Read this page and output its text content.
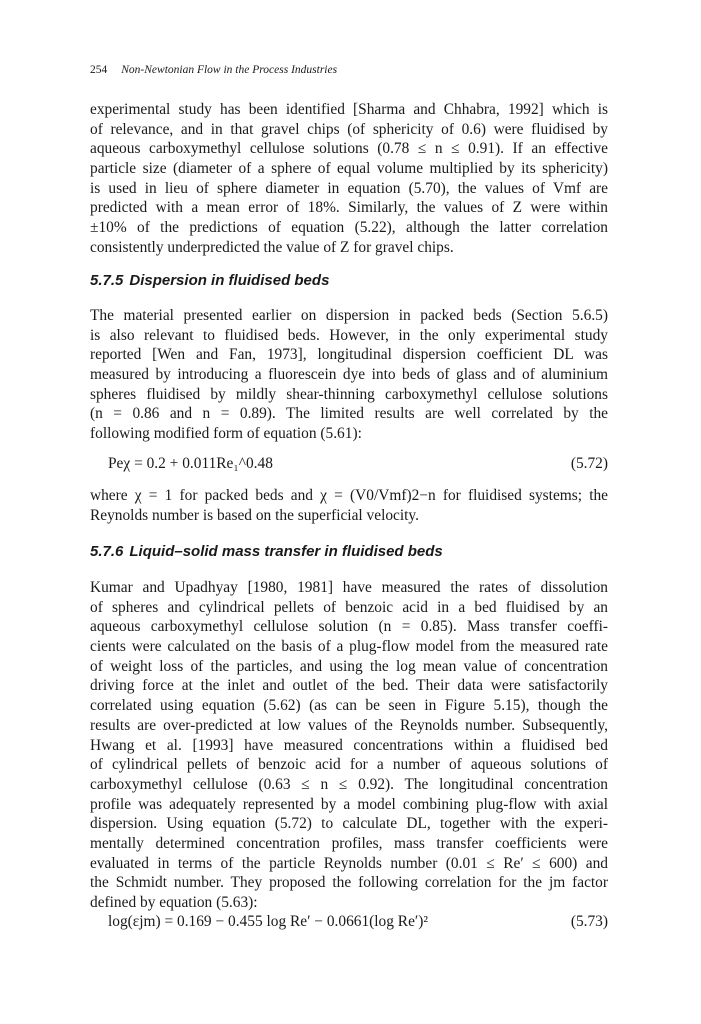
254 Non-Newtonian Flow in the Process Industries
experimental study has been identified [Sharma and Chhabra, 1992] which is
of relevance, and in that gravel chips (of sphericity of 0.6) were fluidised by
aqueous carboxymethyl cellulose solutions (0.78 ≤ n ≤ 0.91). If an effective
particle size (diameter of a sphere of equal volume multiplied by its sphericity)
is used in lieu of sphere diameter in equation (5.70), the values of Vmf are
predicted with a mean error of 18%. Similarly, the values of Z were within
±10% of the predictions of equation (5.22), although the latter correlation
consistently underpredicted the value of Z for gravel chips.
5.7.5 Dispersion in fluidised beds
The material presented earlier on dispersion in packed beds (Section 5.6.5)
is also relevant to fluidised beds. However, in the only experimental study
reported [Wen and Fan, 1973], longitudinal dispersion coefficient DL was
measured by introducing a fluorescein dye into beds of glass and of aluminium
spheres fluidised by mildly shear-thinning carboxymethyl cellulose solutions
(n = 0.86 and n = 0.89). The limited results are well correlated by the
following modified form of equation (5.61):
Peχ = 0.2 + 0.011Re₁^0.48	(5.72)
where χ = 1 for packed beds and χ = (V0/Vmf)2−n for fluidised systems; the
Reynolds number is based on the superficial velocity.
5.7.6 Liquid–solid mass transfer in fluidised beds
Kumar and Upadhyay [1980, 1981] have measured the rates of dissolution
of spheres and cylindrical pellets of benzoic acid in a bed fluidised by an
aqueous carboxymethyl cellulose solution (n = 0.85). Mass transfer coeffi-
cients were calculated on the basis of a plug-flow model from the measured rate
of weight loss of the particles, and using the log mean value of concentration
driving force at the inlet and outlet of the bed. Their data were satisfactorily
correlated using equation (5.62) (as can be seen in Figure 5.15), though the
results are over-predicted at low values of the Reynolds number. Subsequently,
Hwang et al. [1993] have measured concentrations within a fluidised bed
of cylindrical pellets of benzoic acid for a number of aqueous solutions of
carboxymethyl cellulose (0.63 ≤ n ≤ 0.92). The longitudinal concentration
profile was adequately represented by a model combining plug-flow with axial
dispersion. Using equation (5.72) to calculate DL, together with the experi-
mentally determined concentration profiles, mass transfer coefficients were
evaluated in terms of the particle Reynolds number (0.01 ≤ Re′ ≤ 600) and
the Schmidt number. They proposed the following correlation for the jm factor
defined by equation (5.63):
log(εjm) = 0.169 − 0.455 log Re′ − 0.0661(log Re′)²	(5.73)
